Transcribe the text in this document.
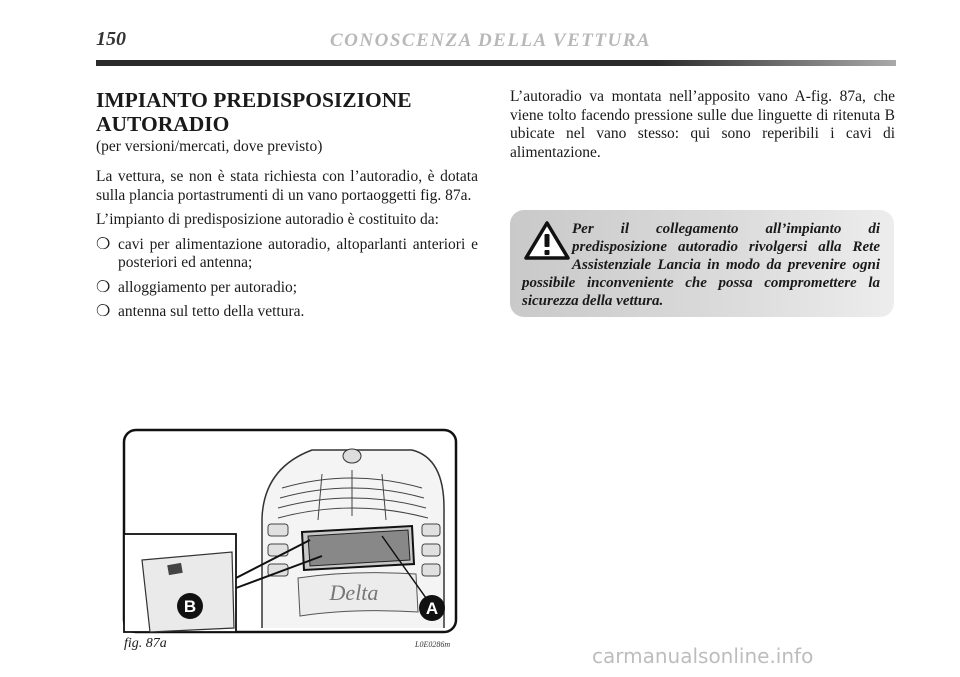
150	CONOSCENZA DELLA VETTURA
IMPIANTO PREDISPOSIZIONE
AUTORADIO
(per versioni/mercati, dove previsto)

La vettura, se non è stata richiesta con l’autoradio, è dotata sulla plancia portastrumenti di un vano portaoggetti fig. 87a.

L’impianto di predisposizione autoradio è costituito da:

❍ cavi per alimentazione autoradio, altoparlanti anteriori e posteriori ed antenna;
❍ alloggiamento per autoradio;
❍ antenna sul tetto della vettura.

L’autoradio va montata nell’apposito vano A-fig. 87a, che viene tolto facendo pressione sulle due linguette di ritenuta B ubicate nel vano stesso: qui sono reperibili i cavi di alimentazione.

Per il collegamento all’impianto di predisposizione autoradio rivolgersi alla Rete Assistenziale Lancia in modo da prevenire ogni possibile inconveniente che possa compromettere la sicurezza della vettura.

B	A
Delta
fig. 87a	L0E0286m	carmanualsonline.info
